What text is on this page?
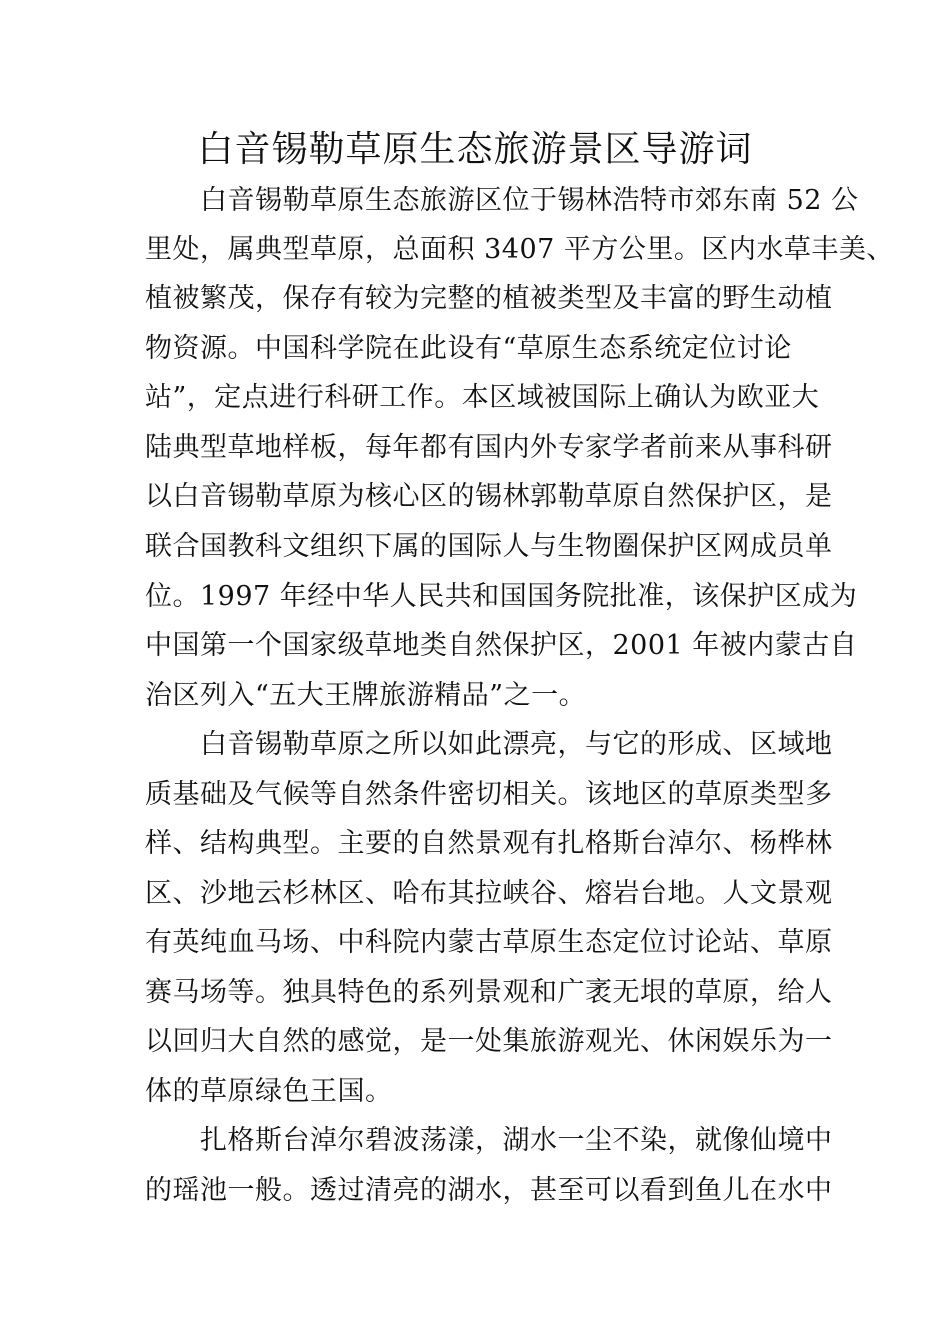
白音锡勒草原生态旅游景区导游词
白音锡勒草原生态旅游区位于锡林浩特市郊东南 52 公
里处，属典型草原，总面积 3407 平方公里。区内水草丰美、
植被繁茂，保存有较为完整的植被类型及丰富的野生动植
物资源。中国科学院在此设有“草原生态系统定位讨论
站”，定点进行科研工作。本区域被国际上确认为欧亚大
陆典型草地样板，每年都有国内外专家学者前来从事科研
以白音锡勒草原为核心区的锡林郭勒草原自然保护区，是
联合国教科文组织下属的国际人与生物圈保护区网成员单
位。1997 年经中华人民共和国国务院批准，该保护区成为
中国第一个国家级草地类自然保护区，2001 年被内蒙古自
治区列入“五大王牌旅游精品”之一。
白音锡勒草原之所以如此漂亮，与它的形成、区域地
质基础及气候等自然条件密切相关。该地区的草原类型多
样、结构典型。主要的自然景观有扎格斯台淖尔、杨桦林
区、沙地云杉林区、哈布其拉峡谷、熔岩台地。人文景观
有英纯血马场、中科院内蒙古草原生态定位讨论站、草原
赛马场等。独具特色的系列景观和广袤无垠的草原，给人
以回归大自然的感觉，是一处集旅游观光、休闲娱乐为一
体的草原绿色王国。
扎格斯台淖尔碧波荡漾，湖水一尘不染，就像仙境中
的瑶池一般。透过清亮的湖水，甚至可以看到鱼儿在水中
